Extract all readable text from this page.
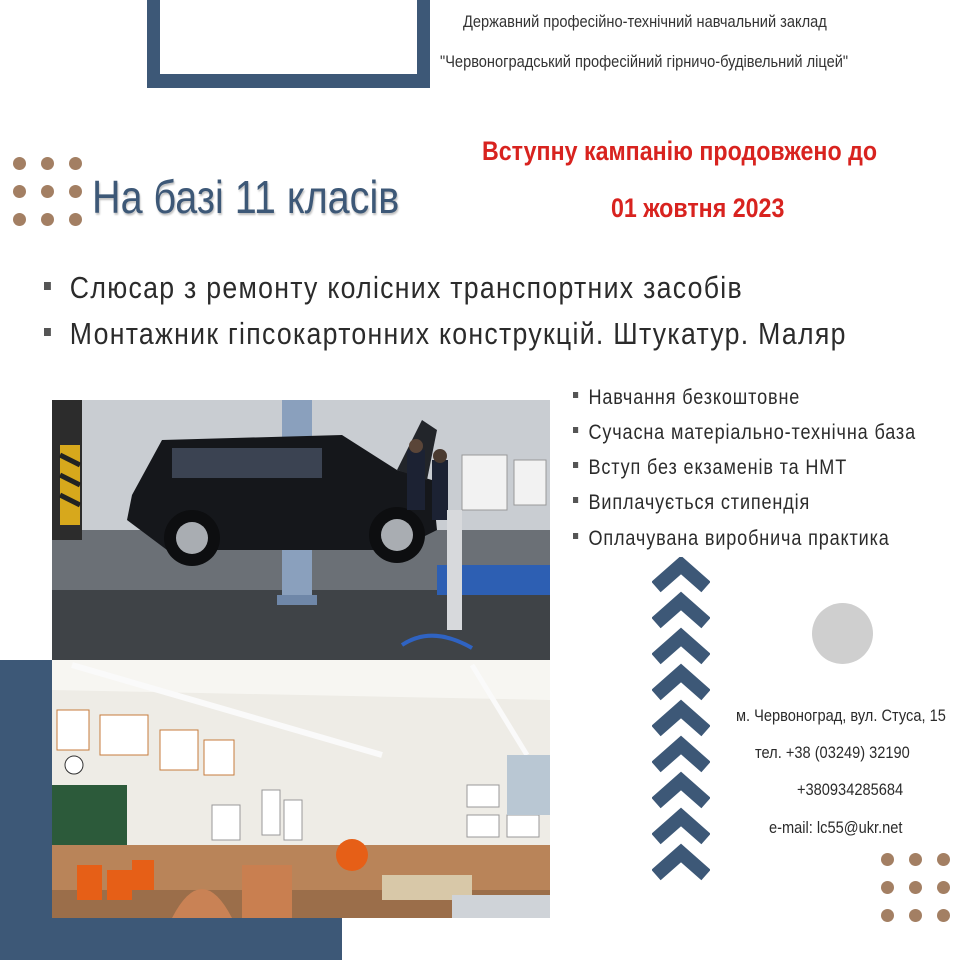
Державний професійно-технічний навчальний заклад
"Червоноградський професійний гірничо-будівельний ліцей"
Вступну кампанію продовжено до
01 жовтня 2023
На базі 11 класів
Слюсар з ремонту колісних транспортних засобів
Монтажник гіпсокартонних конструкцій. Штукатур. Маляр
Навчання безкоштовне
Сучасна матеріально-технічна база
Вступ без екзаменів та НМТ
Виплачується стипендія
Оплачувана виробнича практика
м. Червоноград, вул. Стуса, 15
тел. +38 (03249) 32190
+380934285684
e-mail: lc55@ukr.net
